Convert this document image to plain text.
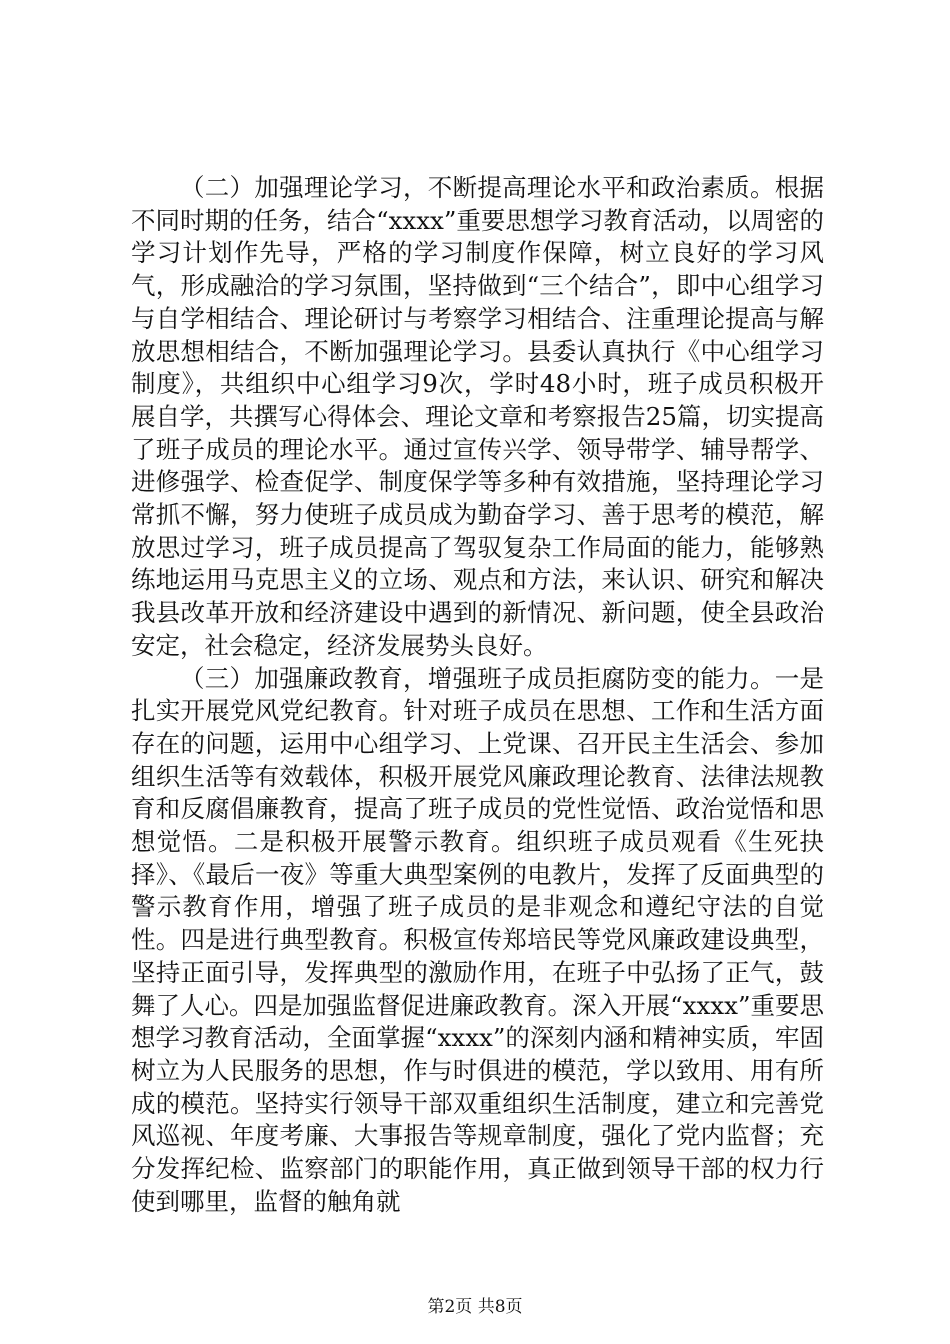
（二）加强理论学习，不断提高理论水平和政治素质。根据不同时期的任务，结合“xxxx”重要思想学习教育活动，以周密的学习计划作先导，严格的学习制度作保障，树立良好的学习风气，形成融洽的学习氛围，坚持做到“三个结合”，即中心组学习与自学相结合、理论研讨与考察学习相结合、注重理论提高与解放思想相结合，不断加强理论学习。县委认真执行《中心组学习制度》，共组织中心组学习9次，学时48小时，班子成员积极开展自学，共撰写心得体会、理论文章和考察报告25篇，切实提高了班子成员的理论水平。通过宣传兴学、领导带学、辅导帮学、进修强学、检查促学、制度保学等多种有效措施，坚持理论学习常抓不懈，努力使班子成员成为勤奋学习、善于思考的模范，解放思过学习，班子成员提高了驾驭复杂工作局面的能力，能够熟练地运用马克思主义的立场、观点和方法，来认识、研究和解决我县改革开放和经济建设中遇到的新情况、新问题，使全县政治安定，社会稳定，经济发展势头良好。

（三）加强廉政教育，增强班子成员拒腐防变的能力。一是扎实开展党风党纪教育。针对班子成员在思想、工作和生活方面存在的问题，运用中心组学习、上党课、召开民主生活会、参加组织生活等有效载体，积极开展党风廉政理论教育、法律法规教育和反腐倡廉教育，提高了班子成员的党性觉悟、政治觉悟和思想觉悟。二是积极开展警示教育。组织班子成员观看《生死抉择》、《最后一夜》等重大典型案例的电教片，发挥了反面典型的警示教育作用，增强了班子成员的是非观念和遵纪守法的自觉性。四是进行典型教育。积极宣传郑培民等党风廉政建设典型，坚持正面引导，发挥典型的激励作用，在班子中弘扬了正气，鼓舞了人心。四是加强监督促进廉政教育。深入开展“xxxx”重要思想学习教育活动，全面掌握“xxxx”的深刻内涵和精神实质，牢固树立为人民服务的思想，作与时俱进的模范，学以致用、用有所成的模范。坚持实行领导干部双重组织生活制度，建立和完善党风巡视、年度考廉、大事报告等规章制度，强化了党内监督；充分发挥纪检、监察部门的职能作用，真正做到领导干部的权力行使到哪里，监督的触角就

第2页 共8页
